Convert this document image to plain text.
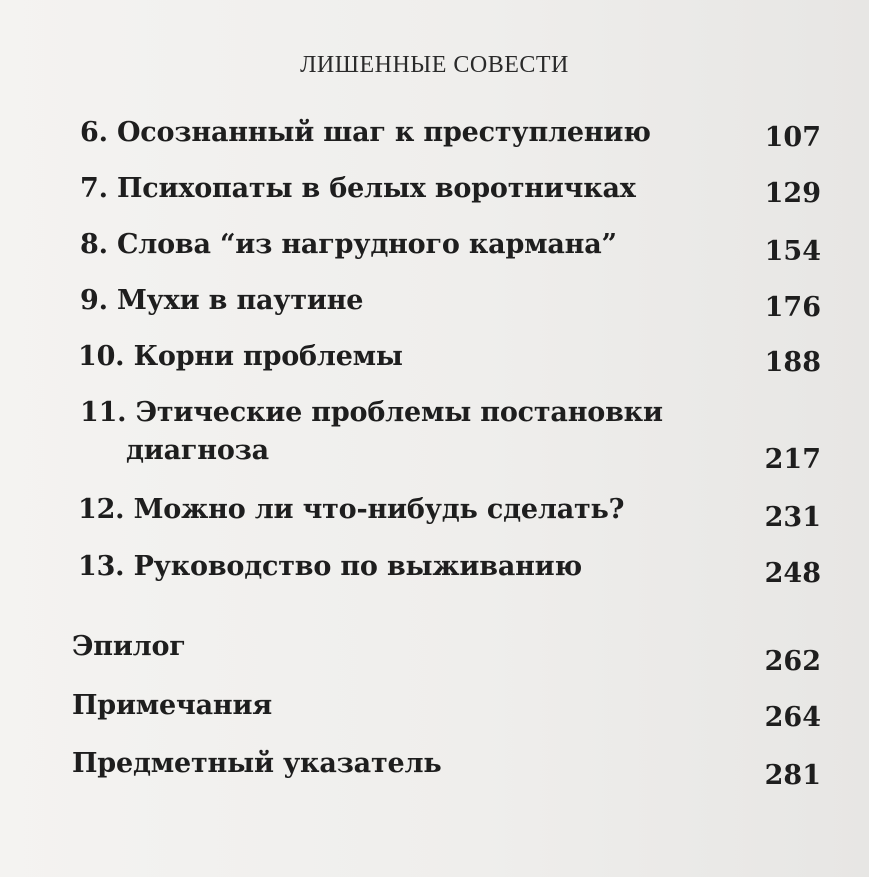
ЛИШЕННЫЕ СОВЕСТИ
6. Осознанный шаг к преступлению	107
7. Психопаты в белых воротничках	129
8. Слова “из нагрудного кармана”	154
9. Мухи в паутине	176
10. Корни проблемы	188
11. Этические проблемы постановки
диагноза	217
12. Можно ли что-нибудь сделать?	231
13. Руководство по выживанию	248
Эпилог	262
Примечания	264
Предметный указатель	281
